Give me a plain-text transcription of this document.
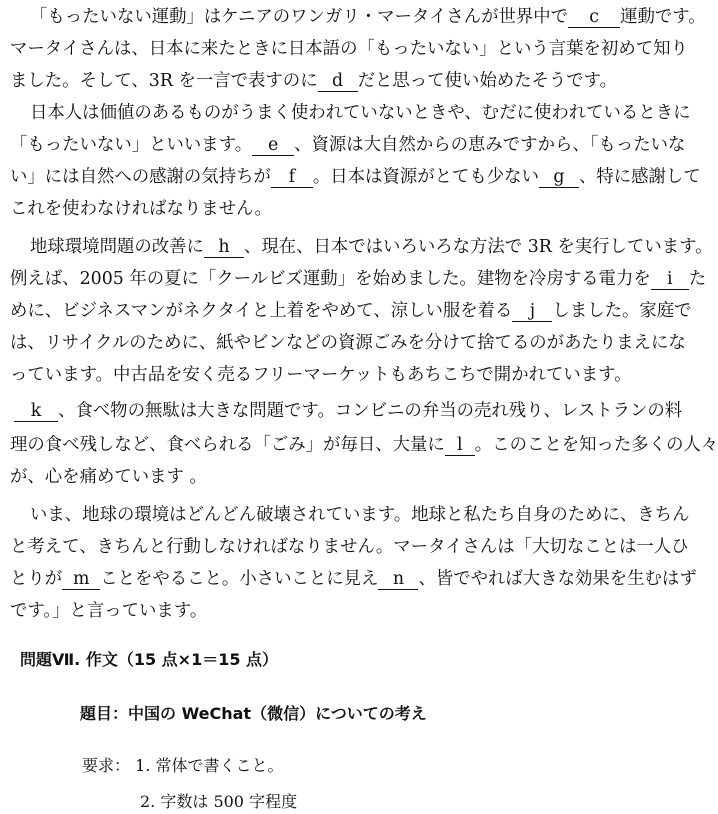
「もったいない運動」はケニアのワンガリ・マータイさんが世界中で c 運動です。
マータイさんは、日本に来たときに日本語の「もったいない」という言葉を初めて知り
ました。そして、3R を一言で表すのに d だと思って使い始めたそうです。
日本人は価値のあるものがうまく使われていないときや、むだに使われているときに
「もったいない」といいます。 e 、資源は大自然からの恵みですから、「もったいな
い」には自然への感謝の気持ちが f 。日本は資源がとても少ない g 、特に感謝して
これを使わなければなりません。
地球環境問題の改善に h 、現在、日本ではいろいろな方法で 3R を実行しています。
例えば、2005 年の夏に「クールビズ運動」を始めました。建物を冷房する電力を i た
めに、ビジネスマンがネクタイと上着をやめて、涼しい服を着る j しました。家庭で
は、リサイクルのために、紙やビンなどの資源ごみを分けて捨てるのがあたりまえにな
っています。中古品を安く売るフリーマーケットもあちこちで開かれています。
k 、食べ物の無駄は大きな問題です。コンビニの弁当の売れ残り、レストランの料
理の食べ残しなど、食べられる「ごみ」が毎日、大量に l 。このことを知った多くの人々
が、心を痛めています 。
いま、地球の環境はどんどん破壊されています。地球と私たち自身のために、きちん
と考えて、きちんと行動しなければなりません。マータイさんは「大切なことは一人ひ
とりが m ことをやること。小さいことに見え n 、皆でやれば大きな効果を生むはず
です。」と言っています。
問題Ⅶ. 作文（15 点×1＝15 点）
題目：中国の WeChat（微信）についての考え
要求： 1. 常体で書くこと。
2. 字数は 500 字程度
